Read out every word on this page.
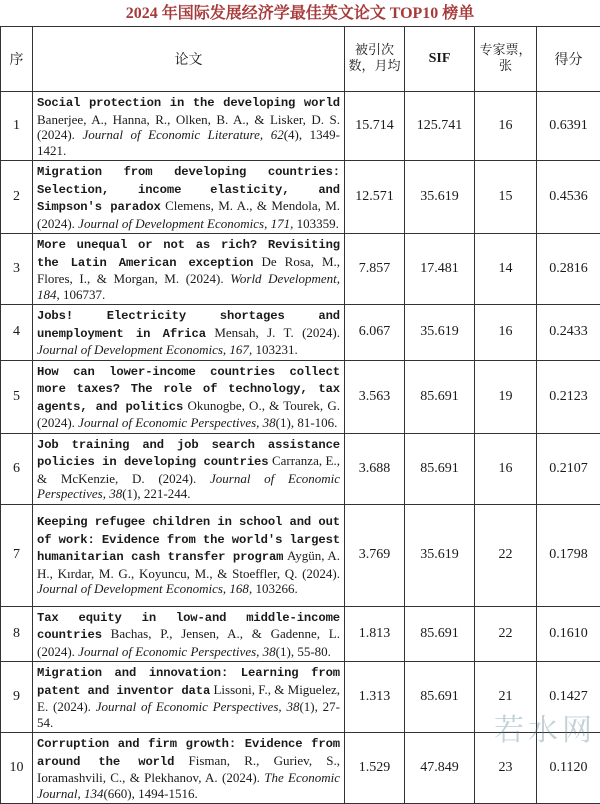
2024 年国际发展经济学最佳英文论文 TOP10 榜单
序	论文	被引次数，月均	SIF	专家票，张	得分
1	Social protection in the developing world Banerjee, A., Hanna, R., Olken, B. A., & Lisker, D. S. (2024). Journal of Economic Literature, 62(4), 1349-1421.	15.714	125.741	16	0.6391
2	Migration from developing countries: Selection, income elasticity, and Simpson's paradox Clemens, M. A., & Mendola, M. (2024). Journal of Development Economics, 171, 103359.	12.571	35.619	15	0.4536
3	More unequal or not as rich? Revisiting the Latin American exception De Rosa, M., Flores, I., & Morgan, M. (2024). World Development, 184, 106737.	7.857	17.481	14	0.2816
4	Jobs! Electricity shortages and unemployment in Africa Mensah, J. T. (2024). Journal of Development Economics, 167, 103231.	6.067	35.619	16	0.2433
5	How can lower-income countries collect more taxes? The role of technology, tax agents, and politics Okunogbe, O., & Tourek, G. (2024). Journal of Economic Perspectives, 38(1), 81-106.	3.563	85.691	19	0.2123
6	Job training and job search assistance policies in developing countries Carranza, E., & McKenzie, D. (2024). Journal of Economic Perspectives, 38(1), 221-244.	3.688	85.691	16	0.2107
7	Keeping refugee children in school and out of work: Evidence from the world's largest humanitarian cash transfer program Aygün, A. H., Kırdar, M. G., Koyuncu, M., & Stoeffler, Q. (2024). Journal of Development Economics, 168, 103266.	3.769	35.619	22	0.1798
8	Tax equity in low-and middle-income countries Bachas, P., Jensen, A., & Gadenne, L. (2024). Journal of Economic Perspectives, 38(1), 55-80.	1.813	85.691	22	0.1610
9	Migration and innovation: Learning from patent and inventor data Lissoni, F., & Miguelez, E. (2024). Journal of Economic Perspectives, 38(1), 27-54.	1.313	85.691	21	0.1427
10	Corruption and firm growth: Evidence from around the world Fisman, R., Guriev, S., Ioramashvili, C., & Plekhanov, A. (2024). The Economic Journal, 134(660), 1494-1516.	1.529	47.849	23	0.1120
若水网
